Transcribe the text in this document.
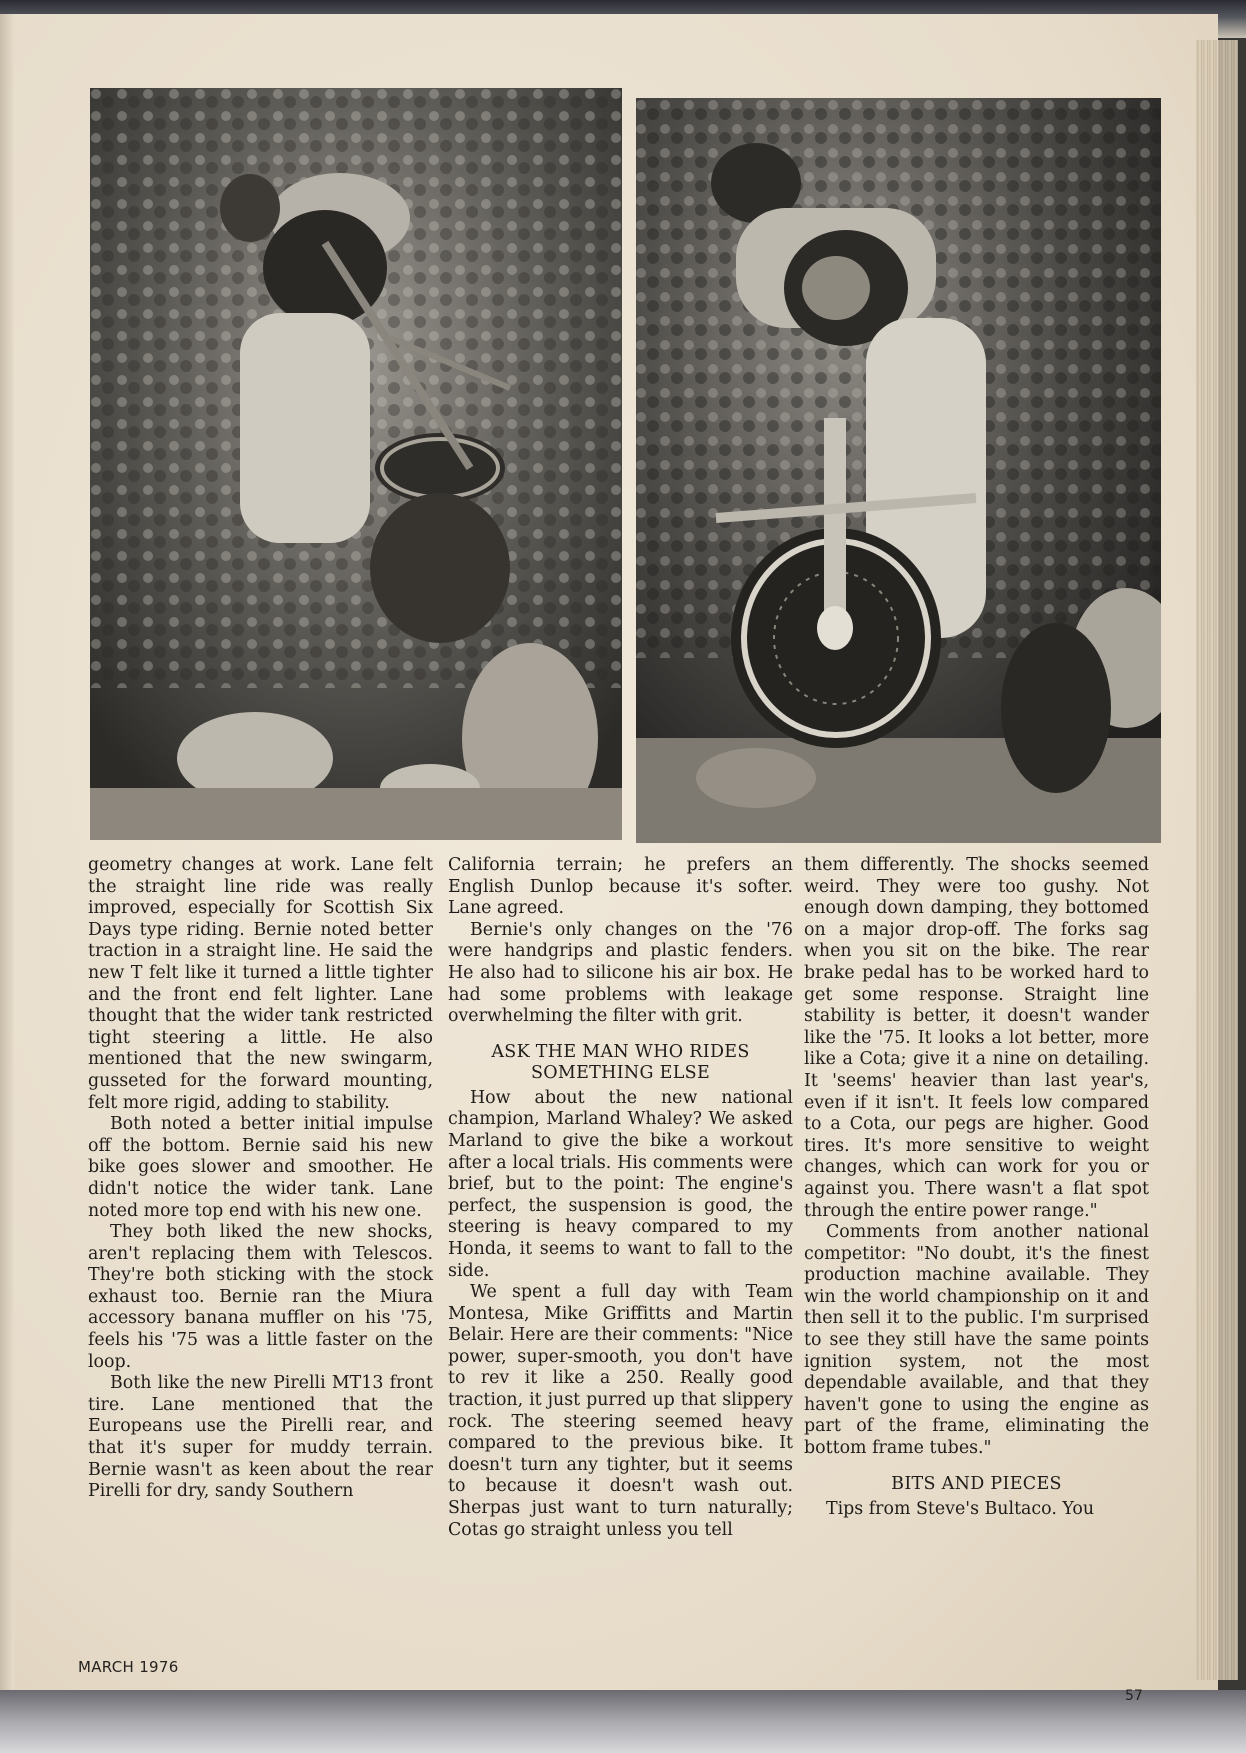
geometry changes at work. Lane felt the straight line ride was really improved, especially for Scottish Six Days type riding. Bernie noted better traction in a straight line. He said the new T felt like it turned a little tighter and the front end felt lighter. Lane thought that the wider tank restricted tight steering a little. He also mentioned that the new swingarm, gusseted for the forward mounting, felt more rigid, adding to stability.

Both noted a better initial impulse off the bottom. Bernie said his new bike goes slower and smoother. He didn't notice the wider tank. Lane noted more top end with his new one.

They both liked the new shocks, aren't replacing them with Telescos. They're both sticking with the stock exhaust too. Bernie ran the Miura accessory banana muffler on his '75, feels his '75 was a little faster on the loop.

Both like the new Pirelli MT13 front tire. Lane mentioned that the Europeans use the Pirelli rear, and that it's super for muddy terrain. Bernie wasn't as keen about the rear Pirelli for dry, sandy Southern

California terrain; he prefers an English Dunlop because it's softer. Lane agreed.

Bernie's only changes on the '76 were handgrips and plastic fenders. He also had to silicone his air box. He had some problems with leakage overwhelming the filter with grit.

ASK THE MAN WHO RIDES
SOMETHING ELSE

How about the new national champion, Marland Whaley? We asked Marland to give the bike a workout after a local trials. His comments were brief, but to the point: The engine's perfect, the suspension is good, the steering is heavy compared to my Honda, it seems to want to fall to the side.

We spent a full day with Team Montesa, Mike Griffitts and Martin Belair. Here are their comments: "Nice power, super-smooth, you don't have to rev it like a 250. Really good traction, it just purred up that slippery rock. The steering seemed heavy compared to the previous bike. It doesn't turn any tighter, but it seems to because it doesn't wash out. Sherpas just want to turn naturally; Cotas go straight unless you tell

them differently. The shocks seemed weird. They were too gushy. Not enough down damping, they bottomed on a major drop-off. The forks sag when you sit on the bike. The rear brake pedal has to be worked hard to get some response. Straight line stability is better, it doesn't wander like the '75. It looks a lot better, more like a Cota; give it a nine on detailing. It 'seems' heavier than last year's, even if it isn't. It feels low compared to a Cota, our pegs are higher. Good tires. It's more sensitive to weight changes, which can work for you or against you. There wasn't a flat spot through the entire power range."

Comments from another national competitor: "No doubt, it's the finest production machine available. They win the world championship on it and then sell it to the public. I'm surprised to see they still have the same points ignition system, not the most dependable available, and that they haven't gone to using the engine as part of the frame, eliminating the bottom frame tubes."

BITS AND PIECES

Tips from Steve's Bultaco. You

MARCH 1976
57
